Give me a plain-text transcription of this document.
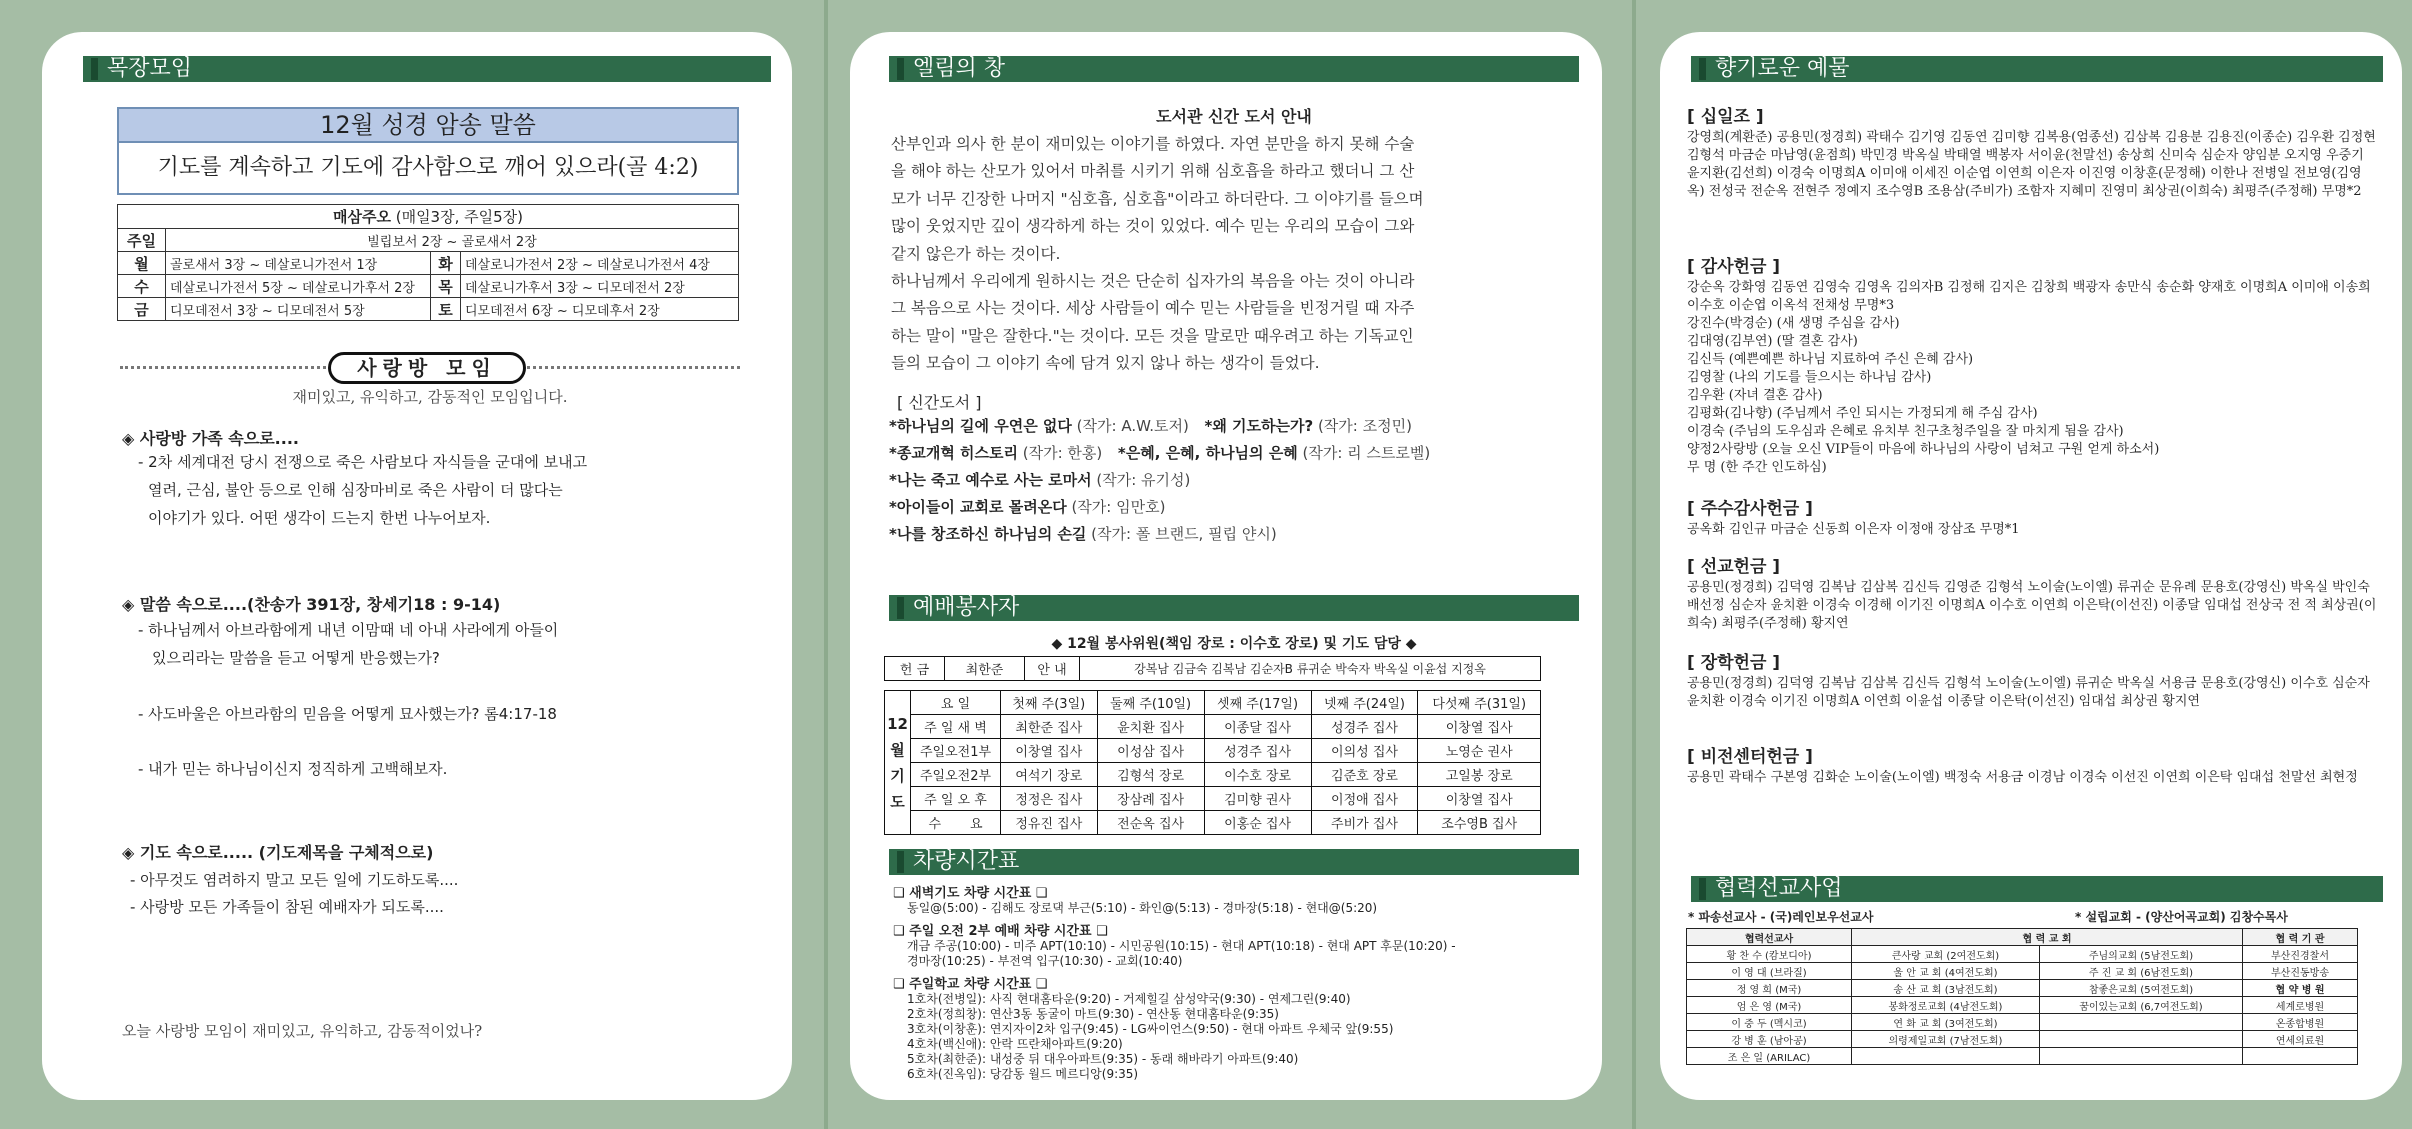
목장모임
12월 성경 암송 말씀
기도를 계속하고 기도에 감사함으로 깨어 있으라(골 4:2)
매삼주오 (매일3장, 주일5장)			
주일	빌립보서 2장 ~ 골로새서 2장		
월	골로새서 3장 ~ 데살로니가전서 1장	화	데살로니가전서 2장 ~ 데살로니가전서 4장
수	데살로니가전서 5장 ~ 데살로니가후서 2장	목	데살로니가후서 3장 ~ 디모데전서 2장
금	디모데전서 3장 ~ 디모데전서 5장	토	디모데전서 6장 ~ 디모데후서 2장
사랑방 모임
재미있고, 유익하고, 감동적인 모임입니다.
◈ 사랑방 가족 속으로....
- 2차 세계대전 당시 전쟁으로 죽은 사람보다 자식들을 군대에 보내고
열려, 근심, 불안 등으로 인해 심장마비로 죽은 사람이 더 많다는
이야기가 있다. 어떤 생각이 드는지 한번 나누어보자.
◈ 말씀 속으로....(찬송가 391장, 창세기18 : 9-14)
- 하나님께서 아브라함에게 내년 이맘때 네 아내 사라에게 아들이
있으리라는 말씀을 듣고 어떻게 반응했는가?
- 사도바울은 아브라함의 믿음을 어떻게 묘사했는가? 롬4:17-18
- 내가 믿는 하나님이신지 정직하게 고백해보자.
◈ 기도 속으로..... (기도제목을 구체적으로)
- 아무것도 염려하지 말고 모든 일에 기도하도록....
- 사랑방 모든 가족들이 참된 예배자가 되도록....
오늘 사랑방 모임이 재미있고, 유익하고, 감동적이었나?
엘림의 창
도서관 신간 도서 안내
산부인과 의사 한 분이 재미있는 이야기를 하였다. 자연 분만을 하지 못해 수술
을 해야 하는 산모가 있어서 마취를 시키기 위해 심호흡을 하라고 했더니 그 산
모가 너무 긴장한 나머지 "심호흡, 심호흡"이라고 하더란다. 그 이야기를 들으며
많이 웃었지만 깊이 생각하게 하는 것이 있었다. 예수 믿는 우리의 모습이 그와
같지 않은가 하는 것이다.
하나님께서 우리에게 원하시는 것은 단순히 십자가의 복음을 아는 것이 아니라
그 복음으로 사는 것이다. 세상 사람들이 예수 믿는 사람들을 빈정거릴 때 자주
하는 말이 "말은 잘한다."는 것이다. 모든 것을 말로만 때우려고 하는 기독교인
들의 모습이 그 이야기 속에 담겨 있지 않나 하는 생각이 들었다.
[ 신간도서 ]

*하나님의 길에 우연은 없다 (작가: A.W.토저)   *왜 기도하는가? (작가: 조정민)

*종교개혁 히스토리 (작가: 한홍)   *은혜, 은혜, 하나님의 은혜 (작가: 리 스트로벨)

*나는 죽고 예수로 사는 로마서 (작가: 유기성)

*아이들이 교회로 몰려온다 (작가: 임만호)

*나를 창조하신 하나님의 손길 (작가: 폴 브랜드, 필립 얀시)

예배봉사자
◆ 12월 봉사위원(책임 장로 : 이수호 장로) 및 기도 담당 ◆
헌 금	최한준	안 내	강복남 김금숙 김복남 김순자B 류귀순 박숙자 박옥실 이윤섭 지정옥
12월기도	요 일	첫째 주(3일)	둘째 주(10일)	셋째 주(17일)	넷째 주(24일)	다섯째 주(31일)
	주 일 새 벽	최한준 집사	윤치환 집사	이종달 집사	성경주 집사	이창열 집사
	주일오전1부	이창열 집사	이성삼 집사	성경주 집사	이의성 집사	노영순 권사
	주일오전2부	여석기 장로	김형석 장로	이수호 장로	김준호 장로	고일봉 장로
	주 일 오 후	정정은 집사	장삼례 집사	김미향 권사	이정애 집사	이창열 집사
	수       요	정유진 집사	전순옥 집사	이홍순 집사	주비가 집사	조수영B 집사
차량시간표

❑ 새벽기도 차량 시간표 ❑

동일@(5:00) - 김해도 장로댁 부근(5:10) - 화인@(5:13) - 경마장(5:18) - 현대@(5:20)

❑ 주일 오전 2부 예배 차량 시간표 ❑

개금 주공(10:00) - 미주 APT(10:10) - 시민공원(10:15) - 현대 APT(10:18) - 현대 APT 후문(10:20) -

경마장(10:25) - 부전역 입구(10:30) - 교회(10:40)

❑ 주일학교 차량 시간표 ❑

1호차(전병일): 사직 현대홈타운(9:20) - 거제힐길 삼성약국(9:30) - 연제그린(9:40)

2호차(정희창): 연산3동 동굴이 마트(9:30) - 연산동 현대홈타운(9:35)

3호차(이창훈): 연지자이2차 입구(9:45) - LG싸이언스(9:50) - 현대 아파트 우체국 앞(9:55)

4호차(백신애): 안락 뜨란채아파트(9:20)

5호차(최한준): 내성중 뒤 대우아파트(9:35) - 동래 해바라기 아파트(9:40)

6호차(진옥임): 당감동 월드 메르디앙(9:35)

향기로운 예물
[ 십일조 ]

강영희(계환준) 공용민(정경희) 곽태수 김기영 김동연 김미향 김복용(엄종선) 김삼복 김용분 김용진(이종순) 김우환 김정현 김형석 마금순 마남영(윤점희) 박민경 박옥실 박태열 백봉자 서이윤(천말선) 송상희 신미숙 심순자 양임분 오지영 우중기 윤지환(김선희) 이경숙 이명희A 이미애 이세진 이순엽 이연희 이은자 이진영 이창훈(문정해) 이한나 전병일 전보영(김영옥) 전성국 전순옥 전현주 정예지 조수영B 조용삼(주비가) 조함자 지혜미 진영미 최상권(이희숙) 최평주(주정해) 무명*2

[ 감사헌금 ]

강순옥 강화영 김동연 김영숙 김영옥 김의자B 김정해 김지은 김창희 백광자 송만식 송순화 양재호 이명희A 이미애 이송희 이수호 이순엽 이옥석 전채성 무명*3
강진수(박경순) (새 생명 주심을 감사)
김대영(김부연) (딸 결혼 감사)
김신득 (예쁜예쁜 하나님 지료하여 주신 은혜 감사)
김영찰 (나의 기도를 들으시는 하나님 감사)
김우환 (자녀 결혼 감사)
김평화(김나향) (주님께서 주인 되시는 가정되게 해 주심 감사)
이경숙 (주님의 도우심과 은혜로 유치부 친구초청주일을 잘 마치게 됨을 감사)
양정2사랑방 (오늘 오신 VIP들이 마음에 하나님의 사랑이 넘쳐고 구원 얻게 하소서)
무 명 (한 주간 인도하심)

[ 주수감사헌금 ]

공옥화 김인규 마금순 신동희 이은자 이정애 장삼조 무명*1

[ 선교헌금 ]

공용민(정경희) 김덕영 김복남 김삼복 김신득 김영준 김형석 노이술(노이엘) 류귀순 문유례 문용호(강영신) 박옥실 박인숙 배선정 심순자 윤치환 이경숙 이경해 이기진 이명희A 이수호 이연희 이은탁(이선진) 이종달 임대섭 전상국 전 적 최상권(이희숙) 최평주(주정해) 황지연

[ 장학헌금 ]

공용민(정경희) 김덕영 김복남 김삼복 김신득 김형석 노이술(노이엘) 류귀순 박옥실 서용금 문용호(강영신) 이수호 심순자 윤치환 이경숙 이기진 이명희A 이연희 이윤섭 이종달 이은탁(이선진) 임대섭 최상권 황지연

[ 비전센터헌금 ]

공용민 곽태수 구본영 김화순 노이술(노이엘) 백정숙 서용금 이경남 이경숙 이선진 이연희 이은탁 임대섭 천말선 최현정

협력선교사업
* 파송선교사 - (국)레인보우선교사	* 설립교회 - (양산어곡교회) 김창수목사
협력선교사	협 력 교 회		협 력 기 관
황 찬 수 (캄보디아)	큰사랑 교회 (2여전도회)	주님의교회 (5남전도회)	부산진경찰서
이 영 대 (브라질)	울 안 교 회 (4여전도회)	주 진 교 회 (6남전도회)	부산진동방송
정 영 희 (M국)	송 산 교 회 (3남전도회)	참좋은교회 (5여전도회)	협 약 병 원
엄 은 영 (M국)	봉화정로교회 (4남전도회)	꿈이있는교회 (6,7여전도회)	세계로병원
이 중 두 (멕시코)	연 화 교 회 (3여전도회)		온종합병원
강 병 훈 (남아공)	의령제일교회 (7남전도회)		연세의료원
조 은 일 (ARILAC)			
